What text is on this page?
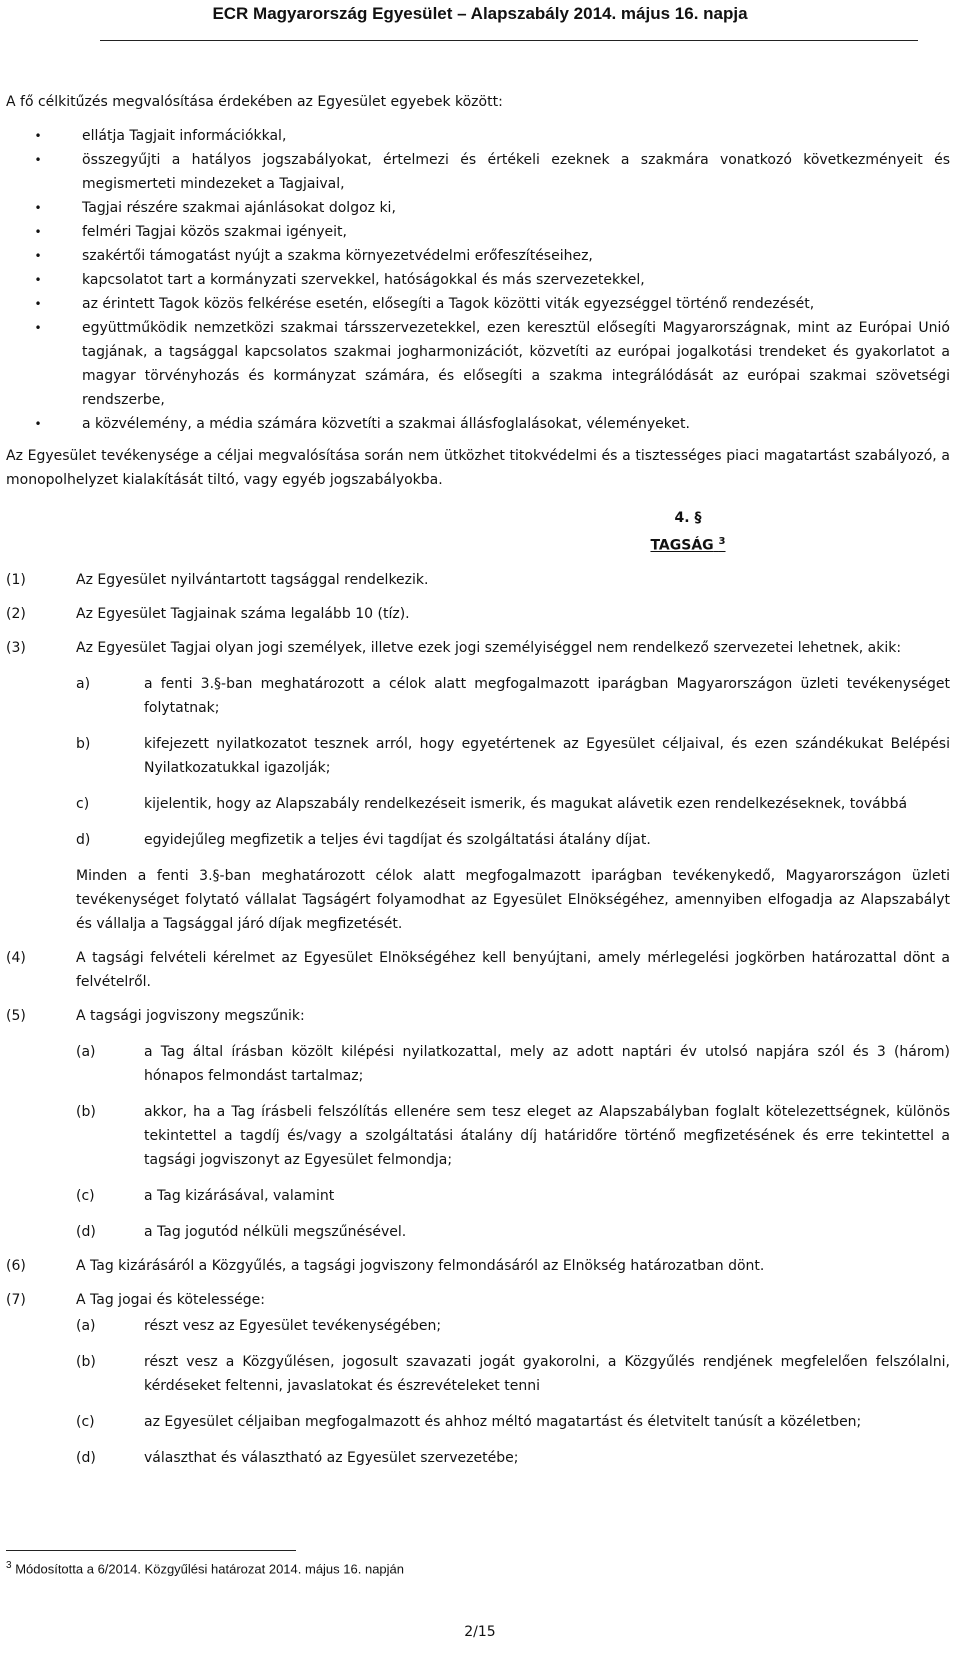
ECR Magyarország Egyesület – Alapszabály 2014. május 16. napja

A fő célkitűzés megvalósítása érdekében az Egyesület egyebek között:

•	ellátja Tagjait információkkal,
•	összegyűjti a hatályos jogszabályokat, értelmezi és értékeli ezeknek a szakmára vonatkozó következményeit és megismerteti mindezeket a Tagjaival,
•	Tagjai részére szakmai ajánlásokat dolgoz ki,
•	felméri Tagjai közös szakmai igényeit,
•	szakértői támogatást nyújt a szakma környezetvédelmi erőfeszítéseihez,
•	kapcsolatot tart a kormányzati szervekkel, hatóságokkal és más szervezetekkel,
•	az érintett Tagok közös felkérése esetén, elősegíti a Tagok közötti viták egyezséggel történő rendezését,
•	együttműködik nemzetközi szakmai társszervezetekkel, ezen keresztül elősegíti Magyarországnak, mint az Európai Unió tagjának, a tagsággal kapcsolatos szakmai jogharmonizációt, közvetíti az európai jogalkotási trendeket és gyakorlatot a magyar törvényhozás és kormányzat számára, és elősegíti a szakma integrálódását az európai szakmai szövetségi rendszerbe,
•	a közvélemény, a média számára közvetíti a szakmai állásfoglalásokat, véleményeket.

Az Egyesület tevékenysége a céljai megvalósítása során nem ütközhet titokvédelmi és a tisztességes piaci magatartást szabályozó, a monopolhelyzet kialakítását tiltó, vagy egyéb jogszabályokba.

4. §
TAGSÁG $^3$
(1)	Az Egyesület nyilvántartott tagsággal rendelkezik.
(2)	Az Egyesület Tagjainak száma legalább 10 (tíz).
(3)	Az Egyesület Tagjai olyan jogi személyek, illetve ezek jogi személyiséggel nem rendelkező szervezetei lehetnek, akik:
a)	a fenti 3.§-ban meghatározott a célok alatt megfogalmazott iparágban Magyarországon üzleti tevékenységet folytatnak;
b)	kifejezett nyilatkozatot tesznek arról, hogy egyetértenek az Egyesület céljaival, és ezen szándékukat Belépési Nyilatkozatukkal igazolják;
c)	kijelentik, hogy az Alapszabály rendelkezéseit ismerik, és magukat alávetik ezen rendelkezéseknek, továbbá
d)	egyidejűleg megfizetik a teljes évi tagdíjat és szolgáltatási átalány díjat.
Minden a fenti 3.§-ban meghatározott célok alatt megfogalmazott iparágban tevékenykedő, Magyarországon üzleti tevékenységet folytató vállalat Tagságért folyamodhat az Egyesület Elnökségéhez, amennyiben elfogadja az Alapszabályt és vállalja a Tagsággal járó díjak megfizetését.
(4)	A tagsági felvételi kérelmet az Egyesület Elnökségéhez kell benyújtani, amely mérlegelési jogkörben határozattal dönt a felvételről.
(5)	A tagsági jogviszony megszűnik:
(a)	a Tag által írásban közölt kilépési nyilatkozattal, mely az adott naptári év utolsó napjára szól és 3 (három) hónapos felmondást tartalmaz;
(b)	akkor, ha a Tag írásbeli felszólítás ellenére sem tesz eleget az Alapszabályban foglalt kötelezettségnek, különös tekintettel a tagdíj és/vagy a szolgáltatási átalány díj határidőre történő megfizetésének és erre tekintettel a tagsági jogviszonyt az Egyesület felmondja;
(c)	a Tag kizárásával, valamint
(d)	a Tag jogutód nélküli megszűnésével.
(6)	A Tag kizárásáról a Közgyűlés, a tagsági jogviszony felmondásáról az Elnökség határozatban dönt.
(7)	A Tag jogai és kötelessége:
(a)	részt vesz az Egyesület tevékenységében;
(b)	részt vesz a Közgyűlésen, jogosult szavazati jogát gyakorolni, a Közgyűlés rendjének megfelelően felszólalni, kérdéseket feltenni, javaslatokat és észrevételeket tenni
(c)	az Egyesület céljaiban megfogalmazott és ahhoz méltó magatartást és életvitelt tanúsít a közéletben;
(d)	választhat és választható az Egyesület szervezetébe;
$^3$ Módosította a 6/2014. Közgyűlési határozat 2014. május 16. napján
2/15
